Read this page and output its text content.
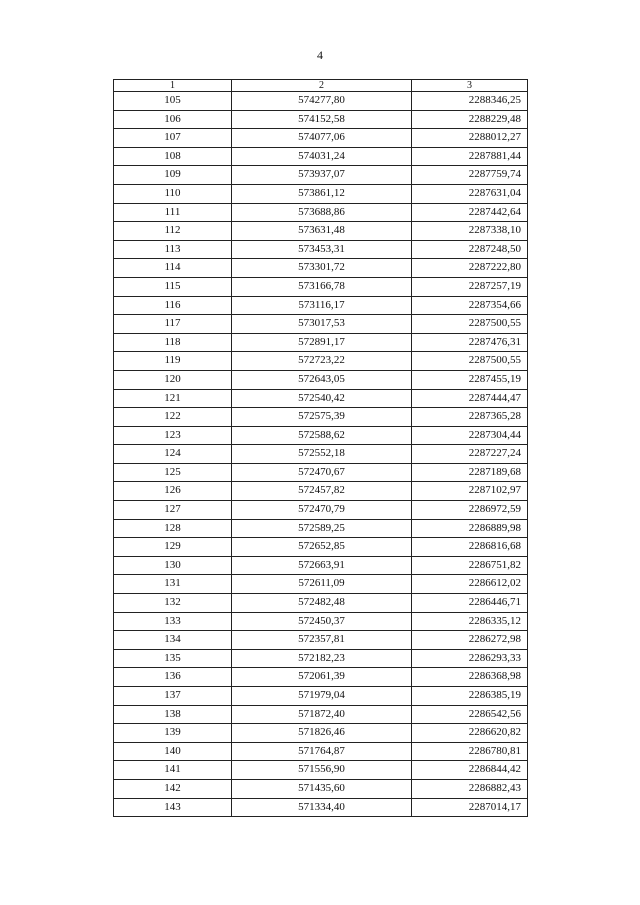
4
1	2	3
105	574277,80	2288346,25
106	574152,58	2288229,48
107	574077,06	2288012,27
108	574031,24	2287881,44
109	573937,07	2287759,74
110	573861,12	2287631,04
111	573688,86	2287442,64
112	573631,48	2287338,10
113	573453,31	2287248,50
114	573301,72	2287222,80
115	573166,78	2287257,19
116	573116,17	2287354,66
117	573017,53	2287500,55
118	572891,17	2287476,31
119	572723,22	2287500,55
120	572643,05	2287455,19
121	572540,42	2287444,47
122	572575,39	2287365,28
123	572588,62	2287304,44
124	572552,18	2287227,24
125	572470,67	2287189,68
126	572457,82	2287102,97
127	572470,79	2286972,59
128	572589,25	2286889,98
129	572652,85	2286816,68
130	572663,91	2286751,82
131	572611,09	2286612,02
132	572482,48	2286446,71
133	572450,37	2286335,12
134	572357,81	2286272,98
135	572182,23	2286293,33
136	572061,39	2286368,98
137	571979,04	2286385,19
138	571872,40	2286542,56
139	571826,46	2286620,82
140	571764,87	2286780,81
141	571556,90	2286844,42
142	571435,60	2286882,43
143	571334,40	2287014,17
